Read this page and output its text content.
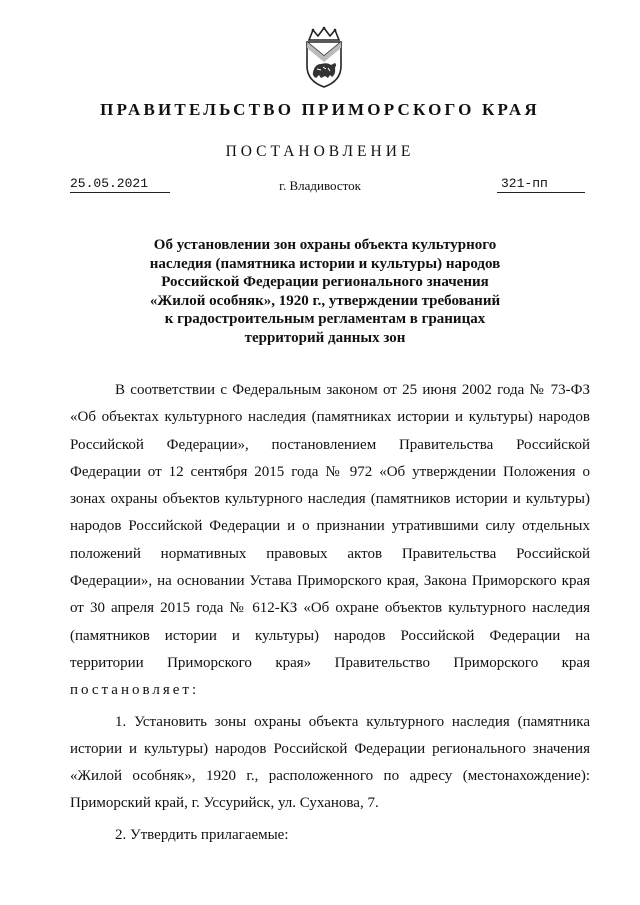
ПРАВИТЕЛЬСТВО ПРИМОРСКОГО КРАЯ
ПОСТАНОВЛЕНИЕ
25.05.2021	г. Владивосток	321-пп
Об установлении зон охраны объекта культурного
наследия (памятника истории и культуры) народов
Российской Федерации регионального значения
«Жилой особняк», 1920 г., утверждении требований
к градостроительным регламентам в границах
территорий данных зон
В соответствии с Федеральным законом от 25 июня 2002 года № 73-ФЗ
«Об объектах культурного наследия (памятниках истории и культуры) народов
Российской Федерации», постановлением Правительства Российской
Федерации от 12 сентября 2015 года № 972 «Об утверждении Положения о
зонах охраны объектов культурного наследия (памятников истории и культуры)
народов Российской Федерации и о признании утратившими силу отдельных
положений нормативных правовых актов Правительства Российской
Федерации», на основании Устава Приморского края, Закона Приморского края
от 30 апреля 2015 года № 612-КЗ «Об охране объектов культурного наследия
(памятников истории и культуры) народов Российской Федерации на
территории Приморского края» Правительство Приморского края
постановляет:
1. Установить зоны охраны объекта культурного наследия (памятника
истории и культуры) народов Российской Федерации регионального значения
«Жилой особняк», 1920 г., расположенного по адресу (местонахождение):
Приморский край, г. Уссурийск, ул. Суханова, 7.
2. Утвердить прилагаемые:
